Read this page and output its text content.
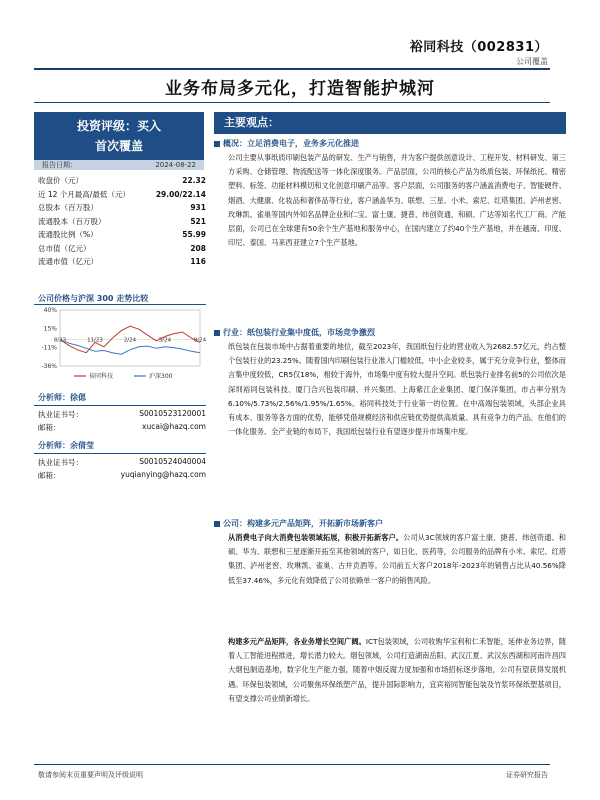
裕同科技（002831）
公司覆盖
业务布局多元化，打造智能护城河
投资评级：买入
首次覆盖
报告日期：	2024-08-22
收盘价（元）	22.32
近 12 个月最高/最低（元）	29.00/22.14
总股本（百万股）	931
流通股本（百万股）	521
流通股比例（%）	55.99
总市值（亿元）	208
流通市值（亿元）	116
公司价格与沪深 300 走势比较
40%
15%
-11%
-36%
8/23	11/23	2/24	5/24	8/24
裕同科技	沪深300
分析师：徐偲
执业证书号：	S0010523120001
邮箱：	xucai@hazq.com
分析师：余倩莹
执业证书号：	S0010524040004
邮箱：	yuqianying@hazq.com
主要观点：
概况：立足消费电子，业务多元化推进
公司主要从事纸质印刷包装产品的研发、生产与销售，并为客户提供创意设计、工程开发、材料研发、第三方采购、仓储管理、物流配送等一体化深度服务。产品层面，公司的核心产品为纸质包装、环保纸托、精密塑料、标签、功能材料模切和文化创意印刷产品等。客户层面，公司服务的客户涵盖消费电子、智能硬件、烟酒、大健康、化妆品和奢侈品等行业，客户涵盖华为、联想、三星、小米、索尼、红塔集团、泸州老窖、玫琳凯、雀巢等国内外知名品牌企业和仁宝、富士康、捷普、纬创资通、和硕、广达等知名代工厂商。产能层面，公司已在全球建有50余个生产基地和服务中心，在国内建立了约40个生产基地，并在越南、印度、印尼、泰国、马来西亚建立7个生产基地。
行业：纸包装行业集中度低，市场竞争激烈
纸包装在包装市场中占据着重要的地位，截至2023年，我国纸包行业的营业收入为2682.57亿元，约占整个包装行业的23.25%。随着国内印刷包装行业准入门槛较低，中小企业较多，属于充分竞争行业，整体而言集中度较低，CR5仅18%，相较于海外，市场集中度有较大提升空间。纸包装行业排名前5的公司依次是深圳裕同包装科技、厦门合兴包装印刷、并兴集团、上海紫江企业集团、厦门保洋集团，市占率分别为6.10%/5.73%/2.56%/1.95%/1.65%。裕同科技处于行业第一的位置。在中高端包装领域，头部企业具有成本、服务等各方面的优势，能够凭借规模经济和供应链优势提供高质量、具有竞争力的产品。在他们的一体化服务、全产业链的布局下，我国纸包装行业有望逐步提升市场集中度。
公司：构建多元产品矩阵，开拓新市场新客户
从消费电子向大消费包装领域拓展，积极开拓新客户。公司从3C领域的客户富士康、捷普、纬创资通、和硕、华为、联想和三星逐渐开拓至其他领域的客户，如日化、医药等，公司服务的品牌有小米、索尼、红塔集团、泸州老窖、玫琳凯、雀巢、古井贡酒等。公司前五大客户2018年-2023年的销售占比从40.56%降低至37.46%，多元化有效降低了公司依赖单一客户的销售风险。
构建多元产品矩阵，各业务增长空间广阔。ICT包装领域，公司收购华宝利和仁禾智能，延伸业务边界，随着人工智能进程推进，增长潜力较大。烟包领域，公司打造湖南岳阳、武汉江夏、武汉东西湖和河南许昌四大烟包制造基地，数字化生产能力强，随着中烟反腐力度加强和市场招标逐步落地，公司有望获得发展机遇。环保包装领域，公司聚焦环保纸塑产品，提升国际影响力，宜宾裕同智能包装及竹浆环保纸塑基项目，有望支撑公司业绩新增长。
敬请参阅末页重要声明及评级说明	证券研究报告
